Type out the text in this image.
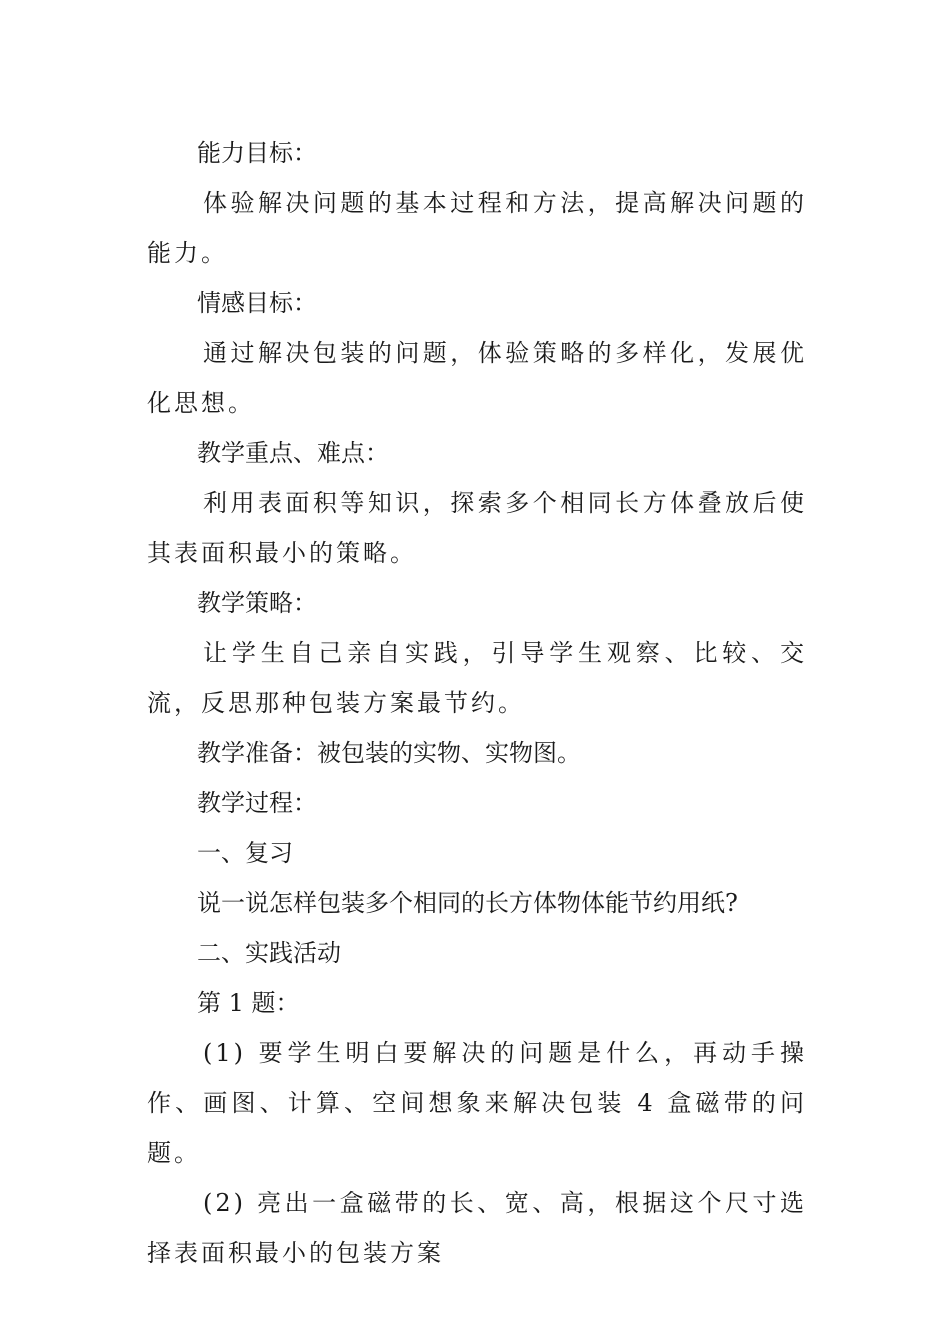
能力目标：

体验解决问题的基本过程和方法，提高解决问题的能力。

情感目标：

通过解决包装的问题，体验策略的多样化，发展优化思想。

教学重点、难点：

利用表面积等知识，探索多个相同长方体叠放后使其表面积最小的策略。

教学策略：

让学生自己亲自实践，引导学生观察、比较、交流，反思那种包装方案最节约。

教学准备：被包装的实物、实物图。

教学过程：

一、复习

说一说怎样包装多个相同的长方体物体能节约用纸?

二、实践活动

第 1 题：

(1) 要学生明白要解决的问题是什么，再动手操作、画图、计算、空间想象来解决包装 4 盒磁带的问题。

(2) 亮出一盒磁带的长、宽、高，根据这个尺寸选择表面积最小的包装方案
